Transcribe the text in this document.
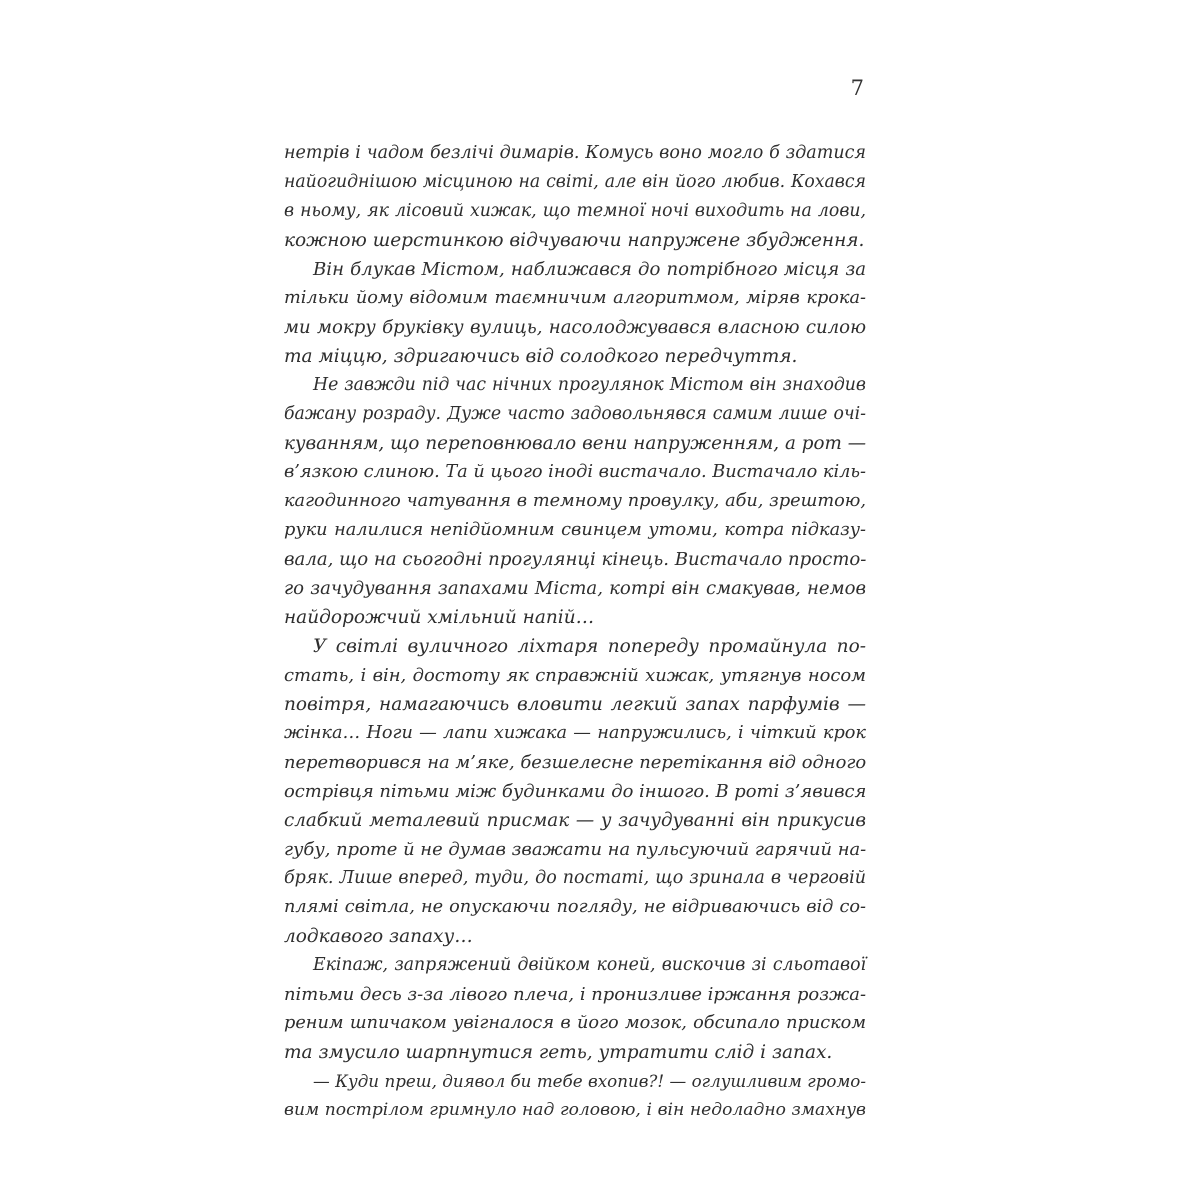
7
нетрів і чадом безлічі димарів. Комусь воно могло б здатися
найогиднішою місциною на світі, але він його любив. Кохався
в ньому, як лісовий хижак, що темної ночі виходить на лови,
кожною шерстинкою відчуваючи напружене збудження.
Він блукав Містом, наближався до потрібного місця за
тільки йому відомим таємничим алгоритмом, міряв крока-
ми мокру бруківку вулиць, насолоджувався власною силою
та міццю, здригаючись від солодкого передчуття.
Не завжди під час нічних прогулянок Містом він знаходив
бажану розраду. Дуже часто задовольнявся самим лише очі-
куванням, що переповнювало вени напруженням, а рот —
в’язкою слиною. Та й цього іноді вистачало. Вистачало кіль-
кагодинного чатування в темному провулку, аби, зрештою,
руки налилися непідйомним свинцем утоми, котра підказу-
вала, що на сьогодні прогулянці кінець. Вистачало просто-
го зачудування запахами Міста, котрі він смакував, немов
найдорожчий хмільний напій…
У світлі вуличного ліхтаря попереду промайнула по-
стать, і він, достоту як справжній хижак, утягнув носом
повітря, намагаючись вловити легкий запах парфумів —
жінка… Ноги — лапи хижака — напружились, і чіткий крок
перетворився на м’яке, безшелесне перетікання від одного
острівця пітьми між будинками до іншого. В роті з’явився
слабкий металевий присмак — у зачудуванні він прикусив
губу, проте й не думав зважати на пульсуючий гарячий на-
бряк. Лише вперед, туди, до постаті, що зринала в черговій
плямі світла, не опускаючи погляду, не відриваючись від со-
лодкавого запаху…
Екіпаж, запряжений двійком коней, вискочив зі сльотавої
пітьми десь з-за лівого плеча, і пронизливе іржання розжа-
реним шпичаком увігналося в його мозок, обсипало приском
та змусило шарпнутися геть, утратити слід і запах.
— Куди преш, диявол би тебе вхопив?! — оглушливим громо-
вим пострілом гримнуло над головою, і він недоладно змахнув
